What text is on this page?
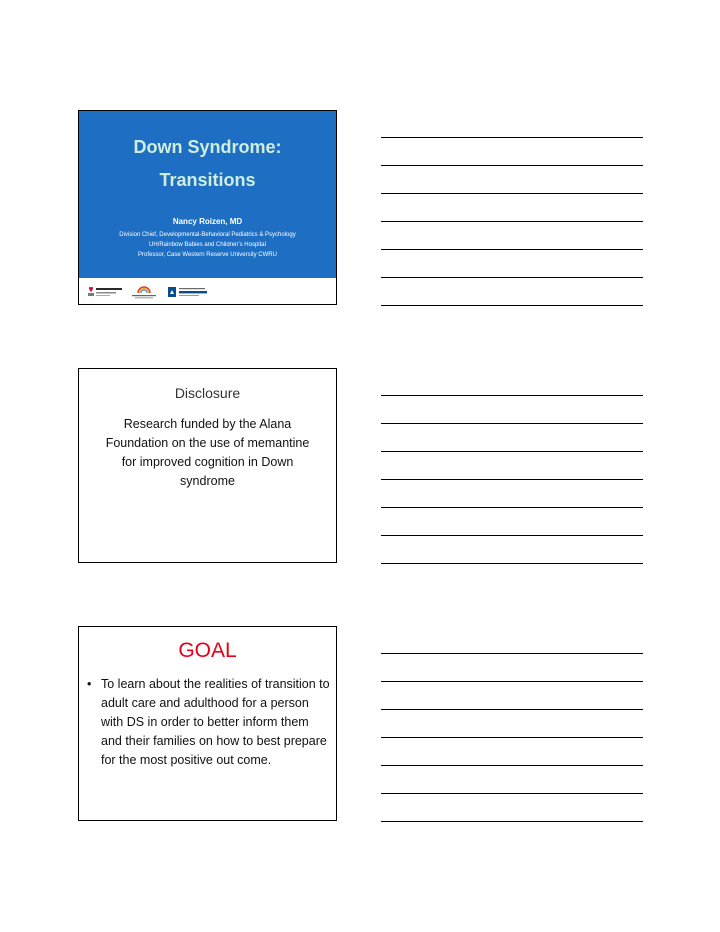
Down Syndrome:
Transitions
Nancy Roizen, MD
Division Chief, Developmental-Behavioral Pediatrics & Psychology
UH/Rainbow Babies and Children’s Hospital
Professor, Case Western Reserve University CWRU
Disclosure
Research funded by the Alana Foundation on the use of memantine for improved cognition in Down syndrome
GOAL
• To learn about the realities of transition to adult care and adulthood for a person with DS in order to better inform them and their families on how to best prepare for the most positive out come.
